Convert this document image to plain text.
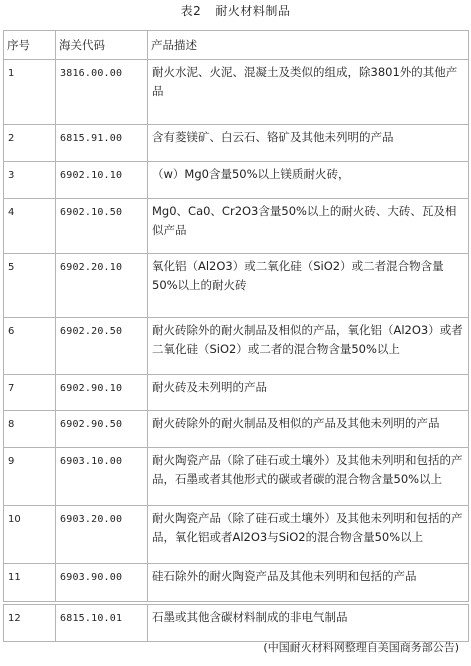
表2 耐火材料制品
序号	海关代码	产品描述
1	3816.00.00	耐火水泥、火泥、混凝土及类似的组成，除3801外的其他产品
2	6815.91.00	含有菱镁矿、白云石、铬矿及其他未列明的产品
3	6902.10.10	（w）Mg0含量50%以上镁质耐火砖，
4	6902.10.50	Mg0、Ca0、Cr2O3含量50%以上的耐火砖、大砖、瓦及相似产品
5	6902.20.10	氧化铝（Al2O3）或二氧化硅（SiO2）或二者混合物含量50%以上的耐火砖
6	6902.20.50	耐火砖除外的耐火制品及相似的产品，氧化铝（Al2O3）或者二氧化硅（SiO2）或二者的混合物含量50%以上
7	6902.90.10	耐火砖及未列明的产品
8	6902.90.50	耐火砖除外的耐火制品及相似的产品及其他未列明的产品
9	6903.10.00	耐火陶瓷产品（除了硅石或土壤外）及其他未列明和包括的产品，石墨或者其他形式的碳或者碳的混合物含量50%以上
10	6903.20.00	耐火陶瓷产品（除了硅石或土壤外）及其他未列明和包括的产品，氧化铝或者Al2O3与SiO2的混合物含量50%以上
11	6903.90.00	硅石除外的耐火陶瓷产品及其他未列明和包括的产品

12	6815.10.01	石墨或其他含碳材料制成的非电气制品
(中国耐火材料网整理自美国商务部公告)
